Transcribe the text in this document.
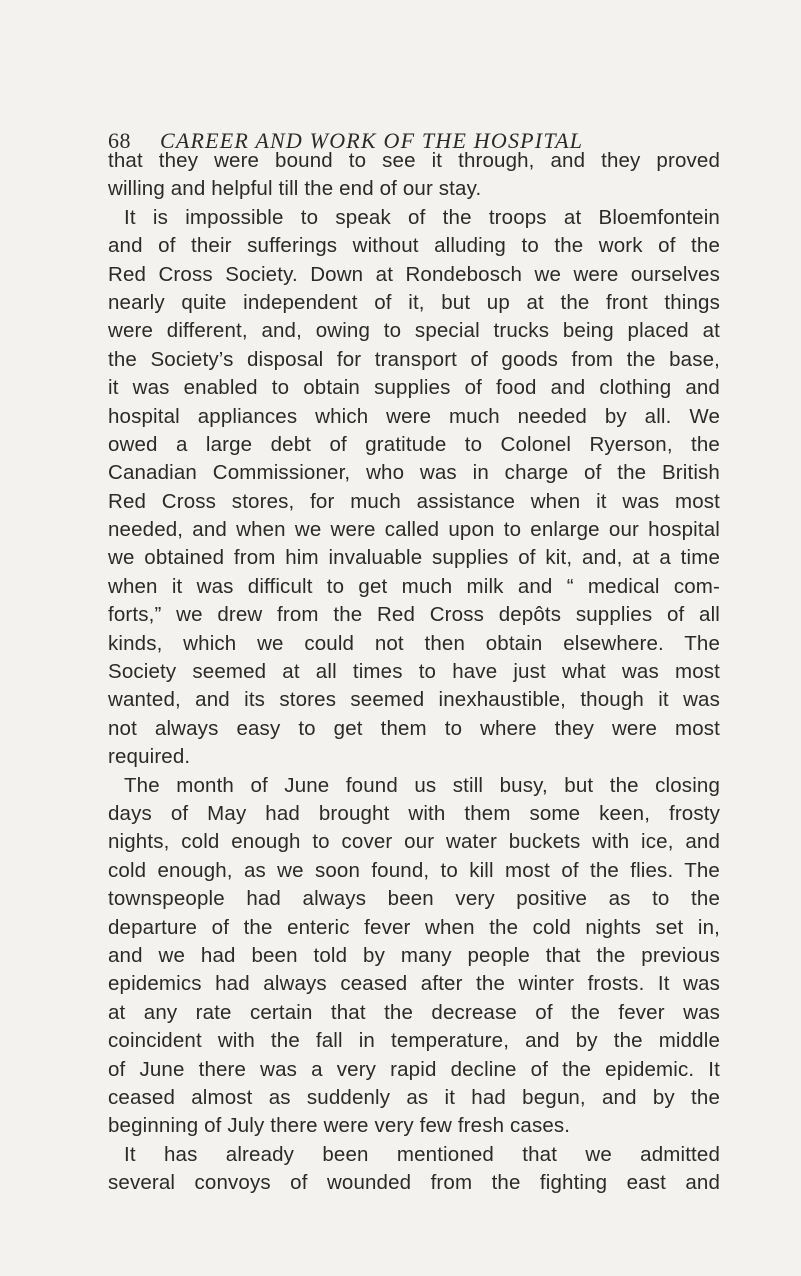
68 CAREER AND WORK OF THE HOSPITAL
that they were bound to see it through, and they proved
willing and helpful till the end of our stay.
It is impossible to speak of the troops at Bloemfontein
and of their sufferings without alluding to the work of the
Red Cross Society. Down at Rondebosch we were ourselves
nearly quite independent of it, but up at the front things
were different, and, owing to special trucks being placed at
the Society’s disposal for transport of goods from the base,
it was enabled to obtain supplies of food and clothing and
hospital appliances which were much needed by all. We
owed a large debt of gratitude to Colonel Ryerson, the
Canadian Commissioner, who was in charge of the British
Red Cross stores, for much assistance when it was most
needed, and when we were called upon to enlarge our hospital
we obtained from him invaluable supplies of kit, and, at a time
when it was difficult to get much milk and “ medical com-
forts,” we drew from the Red Cross depôts supplies of all
kinds, which we could not then obtain elsewhere. The
Society seemed at all times to have just what was most
wanted, and its stores seemed inexhaustible, though it was
not always easy to get them to where they were most
required.
The month of June found us still busy, but the closing
days of May had brought with them some keen, frosty
nights, cold enough to cover our water buckets with ice, and
cold enough, as we soon found, to kill most of the flies. The
townspeople had always been very positive as to the
departure of the enteric fever when the cold nights set in,
and we had been told by many people that the previous
epidemics had always ceased after the winter frosts. It was
at any rate certain that the decrease of the fever was
coincident with the fall in temperature, and by the middle
of June there was a very rapid decline of the epidemic. It
ceased almost as suddenly as it had begun, and by the
beginning of July there were very few fresh cases.
It has already been mentioned that we admitted
several convoys of wounded from the fighting east and
